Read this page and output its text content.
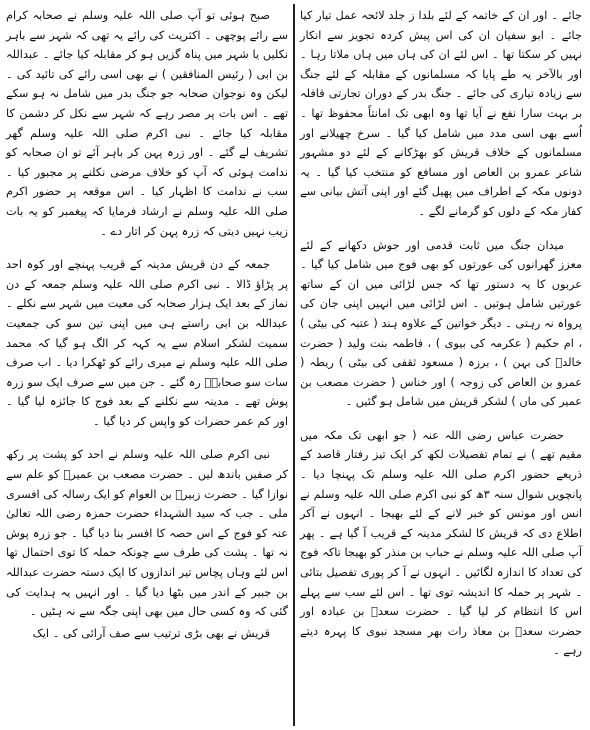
جائے ۔ اور ان کے خاتمہ کے لئے بلدا ز جلد لائحہ عمل تیار کیا جائے ۔ ابو سفیان ان کی اس پیش کردہ تجویز سے انکار نہیں کر سکتا تھا ۔ اس لئے ان کی ہاں میں ہاں ملاتا رہا ۔ اور بالآخر یہ طے پایا کہ مسلمانوں کے مقابلہ کے لئے جنگ سے زیادہ تیاری کی جائے ۔ جنگ بدر کے دوران تجارتی قافلہ بر بہت سارا نفع نے آیا تھا وہ ابھی تک امانتاً محفوظ تھا ۔ اُسے بھی اسی مدد میں شامل کیا گیا ۔ سرخ چھیلانے اور مسلمانوں کے خلاف قریش کو بھڑکانے کے لئے دو مشہور شاعر عمرو بن العاص اور مسافع کو منتخب کیا گیا ۔ یہ دونوں مکہ کے اطراف میں پھیل گئے اور اپنی آتش بیانی سے کفار مکہ کے دلوں کو گرمانے لگے ۔

میدان جنگ میں ثابت قدمی اور جوش دکھانے کے لئے معزز گھرانوں کی عورتوں کو بھی فوج میں شامل کیا گیا ۔ عربوں کا یہ دستور تھا کہ جس لڑائی میں ان کے ساتھ عورتیں شامل ہوتیں ۔ اس لڑائی میں انہیں اپنی جان کی پرواہ نہ رہتی ۔ دیگر خواتین کے علاوہ ہند ( عتبہ کی بیٹی ) ، ام حکیم ( عکرمہ کی بیوی ) ، فاطمہ بنت ولید ( حضرت خالدؓ کی بہن ) ، برزہ ( مسعود ثقفی کی بیٹی ) ریطہ ( عمرو بن العاص کی زوجہ ) اور خناس ( حضرت مصعب بن عمیر کی ماں ) لشکر قریش میں شامل ہو گئیں ۔

حضرت عباس رضی اللہ عنہ ( جو ابھی تک مکہ میں مقیم تھے ) نے تمام تفصیلات لکھ کر ایک تیز رفتار قاصد کے ذریعے حضور اکرم صلی اللہ علیہ وسلم تک پہنچا دیا ۔ پانچویں شوال سنہ ۳ھ کو نبی اکرم صلی اللہ علیہ وسلم نے انس اور مونس کو خبر لانے کے لئے بھیجا ۔ انہوں نے آکر اطلاع دی کہ قریش کا لشکر مدینہ کے قریب آ گیا ہے ۔ پھر آپ صلی اللہ علیہ وسلم نے حباب بن منذر کو بھیجا تاکہ فوج کی تعداد کا اندازہ لگائیں ۔ انہوں نے آ کر پوری تفصیل بتائی ۔ شہر پر حملہ کا اندیشہ توی تھا ۔ اس لئے سب سے پہلے اس کا انتظام کر لیا گیا ۔ حضرت سعدؓ بن عبادہ اور حضرت سعدؓ بن معاذ رات بھر مسجد نبوی کا پہرہ دیتے رہے ۔

صبح ہوئی تو آپ صلی اللہ علیہ وسلم نے صحابہ کرام سے رائے پوچھی ۔ اکثریت کی رائے یہ تھی کہ شہر سے باہر نکلیں یا شہر میں پناہ گزیں ہو کر مقابلہ کیا جائے ۔ عبداللہ بن ابی ( رئیس المنافقین ) نے بھی اسی رائے کی تائید کی ۔ لیکن وہ نوجوان صحابہ جو جنگ بدر میں شامل نہ ہو سکے تھے ۔ اس بات پر مصر رہے کہ شہر سے نکل کر دشمن کا مقابلہ کیا جائے ۔ نبی اکرم صلی اللہ علیہ وسلم گھر تشریف لے گئے ۔ اور زرہ پہن کر باہر آئے تو ان صحابہ کو ندامت ہوئی کہ آپ کو خلاف مرضی نکلنے پر مجبور کیا ۔ سب نے ندامت کا اظہار کیا ۔ اس موقعہ پر حضور اکرم صلی اللہ علیہ وسلم نے ارشاد فرمایا کہ پیغمبر کو یہ بات زیب نہیں دیتی کہ زرہ پہن کر اتار دے ۔

جمعہ کے دن قریش مدینہ کے قریب پہنچے اور کوہ احد پر پڑاؤ ڈالا ۔ نبی اکرم صلی اللہ علیہ وسلم جمعہ کے دن نماز کے بعد ایک ہزار صحابہ کی معیت میں شہر سے نکلے ۔ عبداللہ بن ابی راستے ہی میں اپنی تین سو کی جمعیت سمیت لشکر اسلام سے یہ کہہ کر الگ ہو گیا کہ محمد صلی اللہ علیہ وسلم نے میری رائے کو ٹھکرا دیا ۔ اب صرف سات سو صحابہؓ رہ گئے ۔ جن میں سے صرف ایک سو زرہ پوش تھے ۔ مدینہ سے نکلنے کے بعد فوج کا جائزہ لیا گیا ۔ اور کم عمر حضرات کو واپس کر دیا گیا ۔

نبی اکرم صلی اللہ علیہ وسلم نے احد کو پشت پر رکھ کر صفیں باندھ لیں ۔ حضرت مصعب بن عمیرؓ کو علم سے نوازا گیا ۔ حضرت زبیرؓ بن العوام کو ایک رسالہ کی افسری ملی ۔ جب کہ سید الشہداء حضرت حمزہ رضی اللہ تعالیٰ عنہ کو فوج کے اس حصہ کا افسر بنا دیا گیا ۔ جو زرہ پوش نہ تھا ۔ پشت کی طرف سے چونکہ حملہ کا توی احتمال تھا اس لئے وہاں پچاس تیر اندازوں کا ایک دستہ حضرت عبداللہ بن جبیر کے اندر میں بٹھا دیا گیا ۔ اور انہیں یہ ہدایت کی گئی کہ وہ کسی حال میں بھی اپنی جگہ سے نہ ہٹیں ۔

قریش نے بھی بڑی ترتیب سے صف آرائی کی ۔ ایک
